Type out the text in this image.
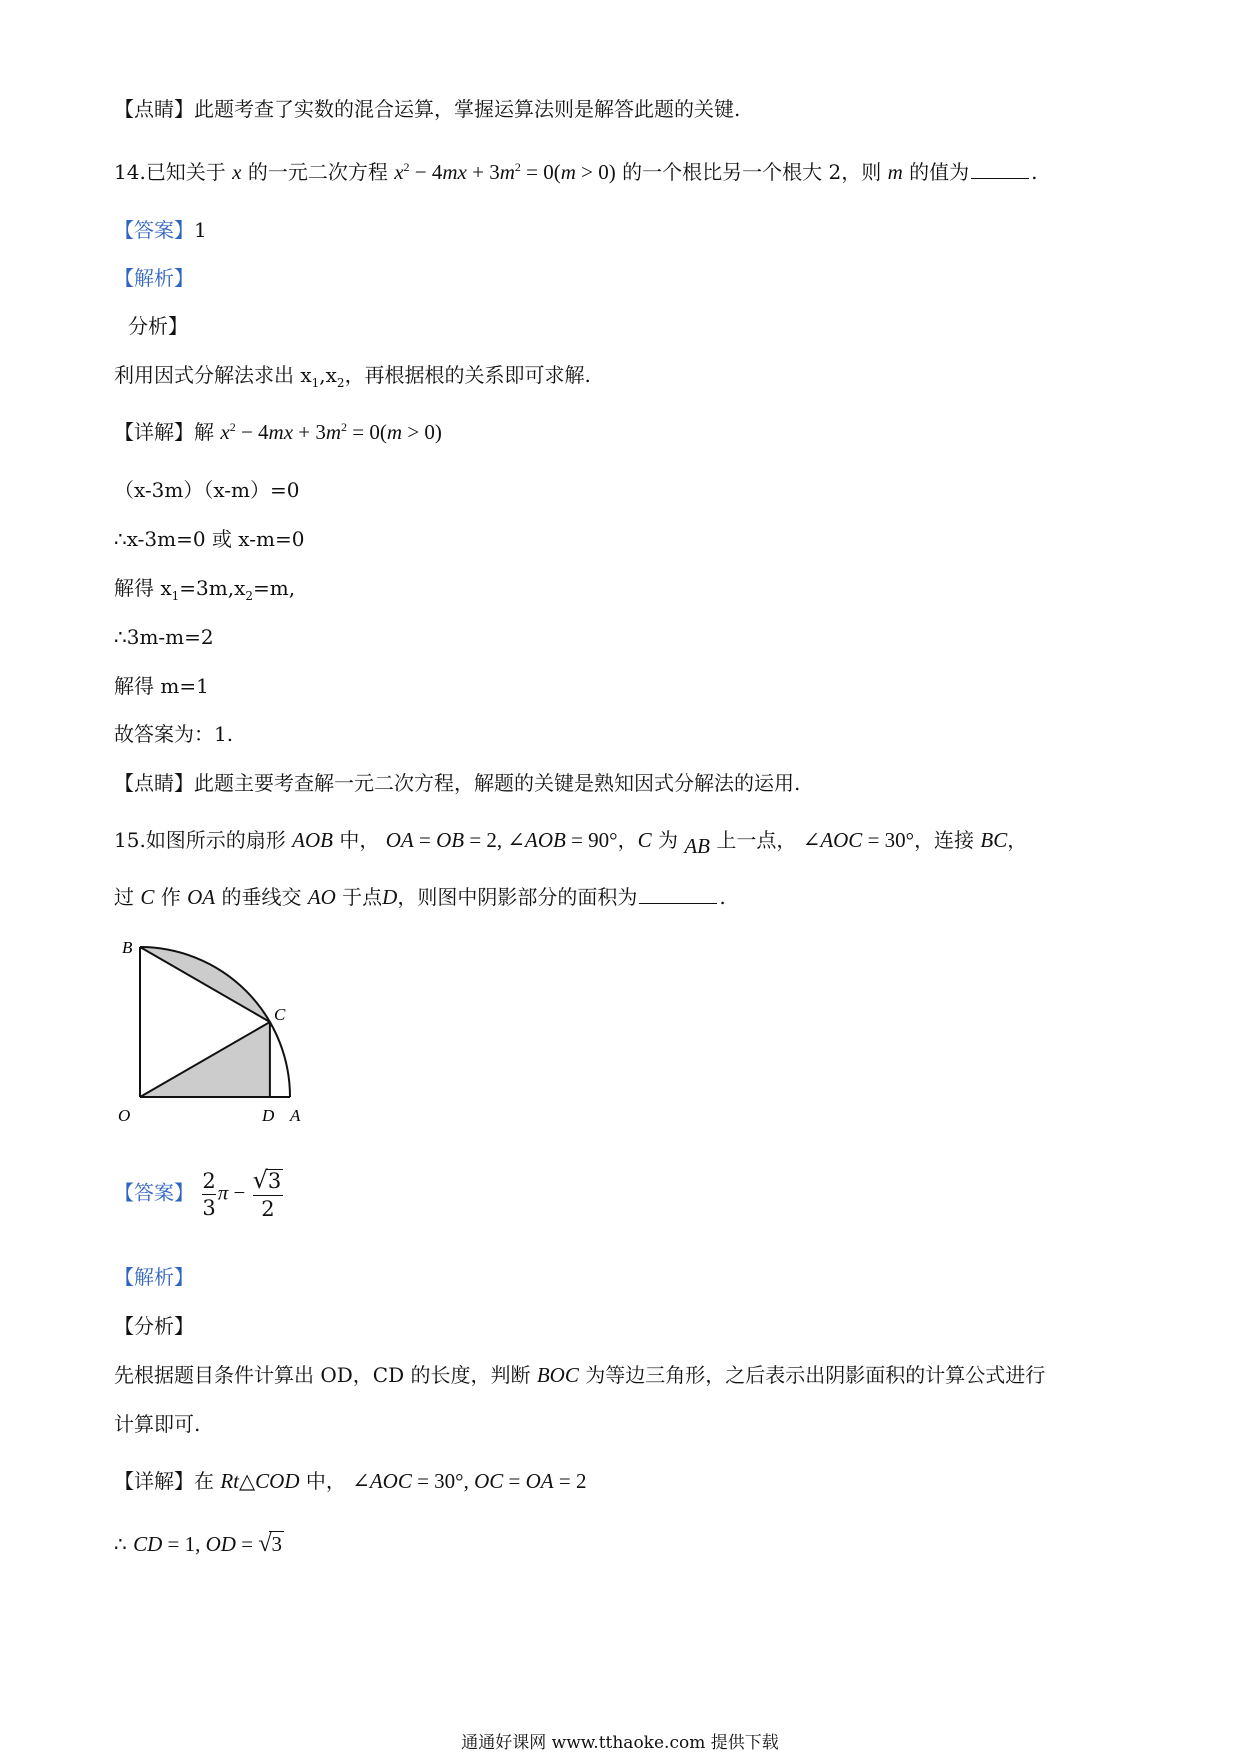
【点睛】此题考查了实数的混合运算，掌握运算法则是解答此题的关键.
14.已知关于 x 的一元二次方程 $x^2 - 4mx + 3m^2 = 0(m > 0)$ 的一个根比另一个根大 2，则 m 的值为	.
【答案】1
【解析】
分析】
利用因式分解法求出 $x_1,x_2$，再根据根的关系即可求解.
【详解】解 $x^2 - 4mx + 3m^2 = 0(m > 0)$
（x-3m）（x-m）=0
∴x-3m=0 或 x-m=0
解得 $x_1=3m,x_2=m$,
∴3m-m=2
解得 m=1
故答案为：1.
【点睛】此题主要考查解一元二次方程，解题的关键是熟知因式分解法的运用.
15.如图所示的扇形 AOB 中， OA = OB = 2, ∠AOB = 90°，C 为 AB 上一点， ∠AOC = 30°，连接 BC，
过 C 作 OA 的垂线交 AO 于点D，则图中阴影部分的面积为	.
B
C
O	D A
【答案】 $\frac{2}{3}$ $\pi - \frac{√3}{2}$
【解析】
【分析】
先根据题目条件计算出 OD，CD 的长度，判断 BOC 为等边三角形，之后表示出阴影面积的计算公式进行
计算即可.
【详解】在 Rt△COD 中， ∠AOC = 30°, OC = OA = 2
∴ CD = 1, OD = √3
通通好课网 www.tthaoke.com 提供下载
